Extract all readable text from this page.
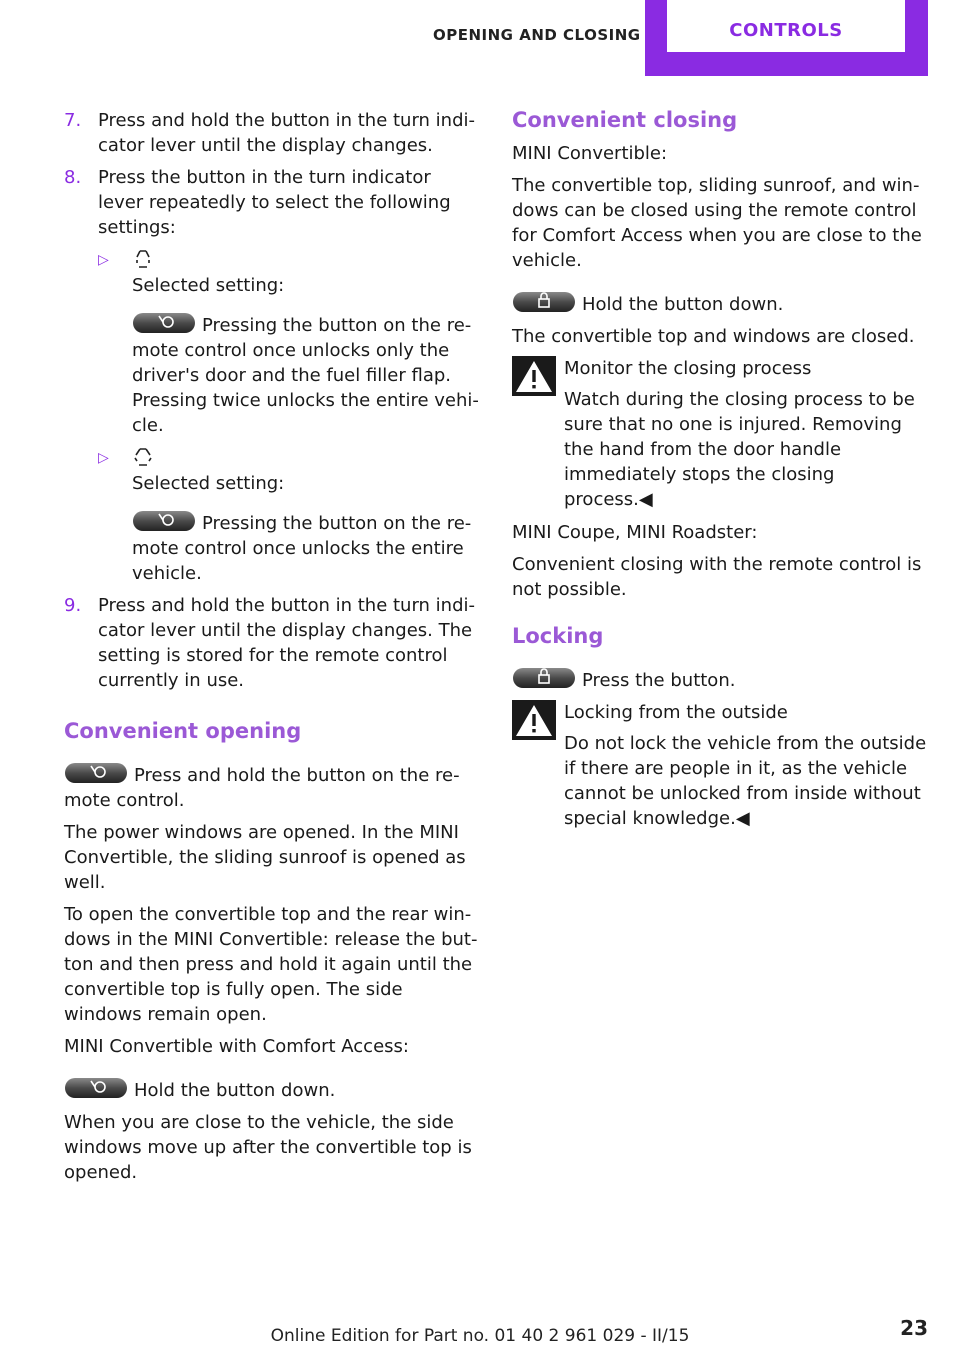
OPENING AND CLOSING	CONTROLS
7. Press and hold the button in the turn indicator lever until the display changes.
8. Press the button in the turn indicator lever repeatedly to select the following settings:
▷
Selected setting:
Pressing the button on the remote control once unlocks only the driver's door and the fuel filler flap. Pressing twice unlocks the entire vehicle.
▷
Selected setting:
Pressing the button on the remote control once unlocks the entire vehicle.
9. Press and hold the button in the turn indicator lever until the display changes. The setting is stored for the remote control currently in use.
Convenient opening

Press and hold the button on the remote control.

The power windows are opened. In the MINI Convertible, the sliding sunroof is opened as well.

To open the convertible top and the rear windows in the MINI Convertible: release the button and then press and hold it again until the convertible top is fully open. The side windows remain open.

MINI Convertible with Comfort Access:

Hold the button down.

When you are close to the vehicle, the side windows move up after the convertible top is opened.

Convenient closing

MINI Convertible:

The convertible top, sliding sunroof, and windows can be closed using the remote control for Comfort Access when you are close to the vehicle.

Hold the button down.

The convertible top and windows are closed.

Monitor the closing process
Watch during the closing process to be sure that no one is injured. Removing the hand from the door handle immediately stops the closing process.◀

MINI Coupe, MINI Roadster:

Convenient closing with the remote control is not possible.

Locking

Press the button.

Locking from the outside
Do not lock the vehicle from the outside if there are people in it, as the vehicle cannot be unlocked from inside without special knowledge.◀
Online Edition for Part no. 01 40 2 961 029 - II/15	23
